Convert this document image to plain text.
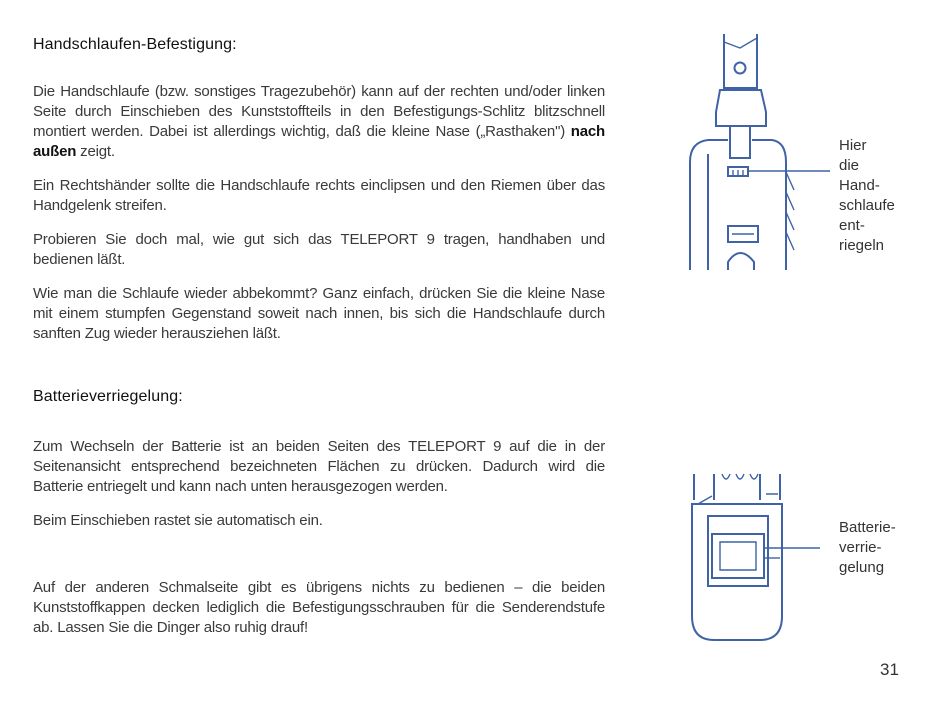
Handschlaufen-Befestigung:

Die Handschlaufe (bzw. sonstiges Tragezubehör) kann auf der rechten und/oder linken Seite durch Einschieben des Kunststoffteils in den Befestigungs-Schlitz blitzschnell montiert werden. Dabei ist allerdings wichtig, daß die kleine Nase („Rasthaken") nach außen zeigt.

Ein Rechtshänder sollte die Handschlaufe rechts einclipsen und den Riemen über das Handgelenk streifen.

Probieren Sie doch mal, wie gut sich das TELEPORT 9 tragen, handhaben und bedienen läßt.

Wie man die Schlaufe wieder abbekommt? Ganz einfach, drücken Sie die kleine Nase mit einem stumpfen Gegenstand soweit nach innen, bis sich die Handschlaufe durch sanften Zug wieder herausziehen läßt.

Batterieverriegelung:

Zum Wechseln der Batterie ist an beiden Seiten des TELEPORT 9 auf die in der Seitenansicht entsprechend bezeichneten Flächen zu drücken. Dadurch wird die Batterie entriegelt und kann nach unten herausgezogen werden.

Beim Einschieben rastet sie automatisch ein.

Auf der anderen Schmalseite gibt es übrigens nichts zu bedienen – die beiden Kunststoffkappen decken lediglich die Befestigungsschrauben für die Senderendstufe ab. Lassen Sie die Dinger also ruhig drauf!

Hier
die
Hand-
schlaufe
ent-
riegeln
Batterie-
verrie-
gelung
31
